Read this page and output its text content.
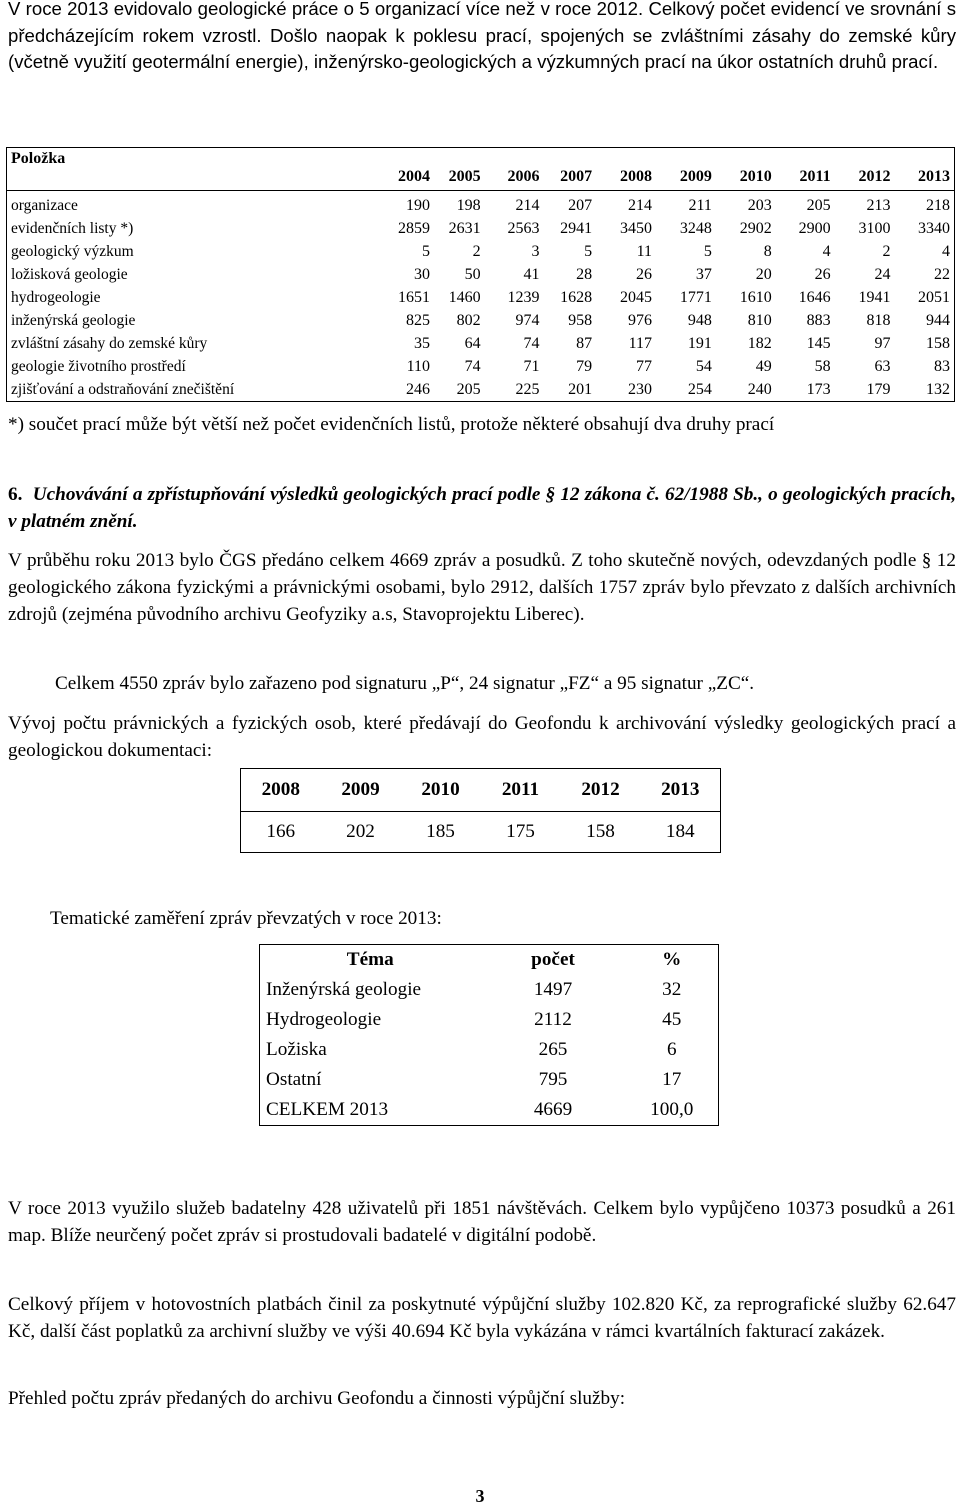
V roce 2013 evidovalo geologické práce o 5 organizací více než v roce 2012. Celkový počet evidencí ve srovnání s předcházejícím rokem vzrostl. Došlo naopak k poklesu prací, spojených se zvláštními zásahy do zemské kůry (včetně využití geotermální energie), inženýrsko-geologických a výzkumných prací na úkor ostatních druhů prací.
Položka	2004	2005	2006	2007	2008	2009	2010	2011	2012	2013
organizace	190	198	214	207	214	211	203	205	213	218
evidenčních listy *)	2859	2631	2563	2941	3450	3248	2902	2900	3100	3340
geologický výzkum	5	2	3	5	11	5	8	4	2	4
ložisková geologie	30	50	41	28	26	37	20	26	24	22
hydrogeologie	1651	1460	1239	1628	2045	1771	1610	1646	1941	2051
inženýrská geologie	825	802	974	958	976	948	810	883	818	944
zvláštní zásahy do zemské kůry	35	64	74	87	117	191	182	145	97	158
geologie životního prostředí	110	74	71	79	77	54	49	58	63	83
zjišťování a odstraňování znečištění	246	205	225	201	230	254	240	173	179	132
*) součet prací může být větší než počet evidenčních listů, protože některé obsahují dva druhy prací
6. Uchovávání a zpřístupňování výsledků geologických prací podle § 12 zákona č. 62/1988 Sb., o geologických pracích, v platném znění.
V průběhu roku 2013 bylo ČGS předáno celkem 4669 zpráv a posudků. Z toho skutečně nových, odevzdaných podle § 12 geologického zákona fyzickými a právnickými osobami, bylo 2912, dalších 1757 zpráv bylo převzato z dalších archivních zdrojů (zejména původního archivu Geofyziky a.s, Stavoprojektu Liberec).
Celkem 4550 zpráv bylo zařazeno pod signaturu „P“, 24 signatur „FZ“ a 95 signatur „ZC“.
Vývoj počtu právnických a fyzických osob, které předávají do Geofondu k archivování výsledky geologických prací a geologickou dokumentaci:
2008	2009	2010	2011	2012	2013
166	202	185	175	158	184
Tematické zaměření zpráv převzatých v roce 2013:
Téma	počet	%
Inženýrská geologie	1497	32
Hydrogeologie	2112	45
Ložiska	265	6
Ostatní	795	17
CELKEM 2013	4669	100,0
V roce 2013 využilo služeb badatelny 428 uživatelů při 1851 návštěvách. Celkem bylo vypůjčeno 10373 posudků a 261 map. Blíže neurčený počet zpráv si prostudovali badatelé v digitální podobě.
Celkový příjem v hotovostních platbách činil za poskytnuté výpůjční služby 102.820 Kč, za reprografické služby 62.647 Kč, další část poplatků za archivní služby ve výši 40.694 Kč byla vykázána v rámci kvartálních fakturací zakázek.
Přehled počtu zpráv předaných do archivu Geofondu a činnosti výpůjční služby:
3
